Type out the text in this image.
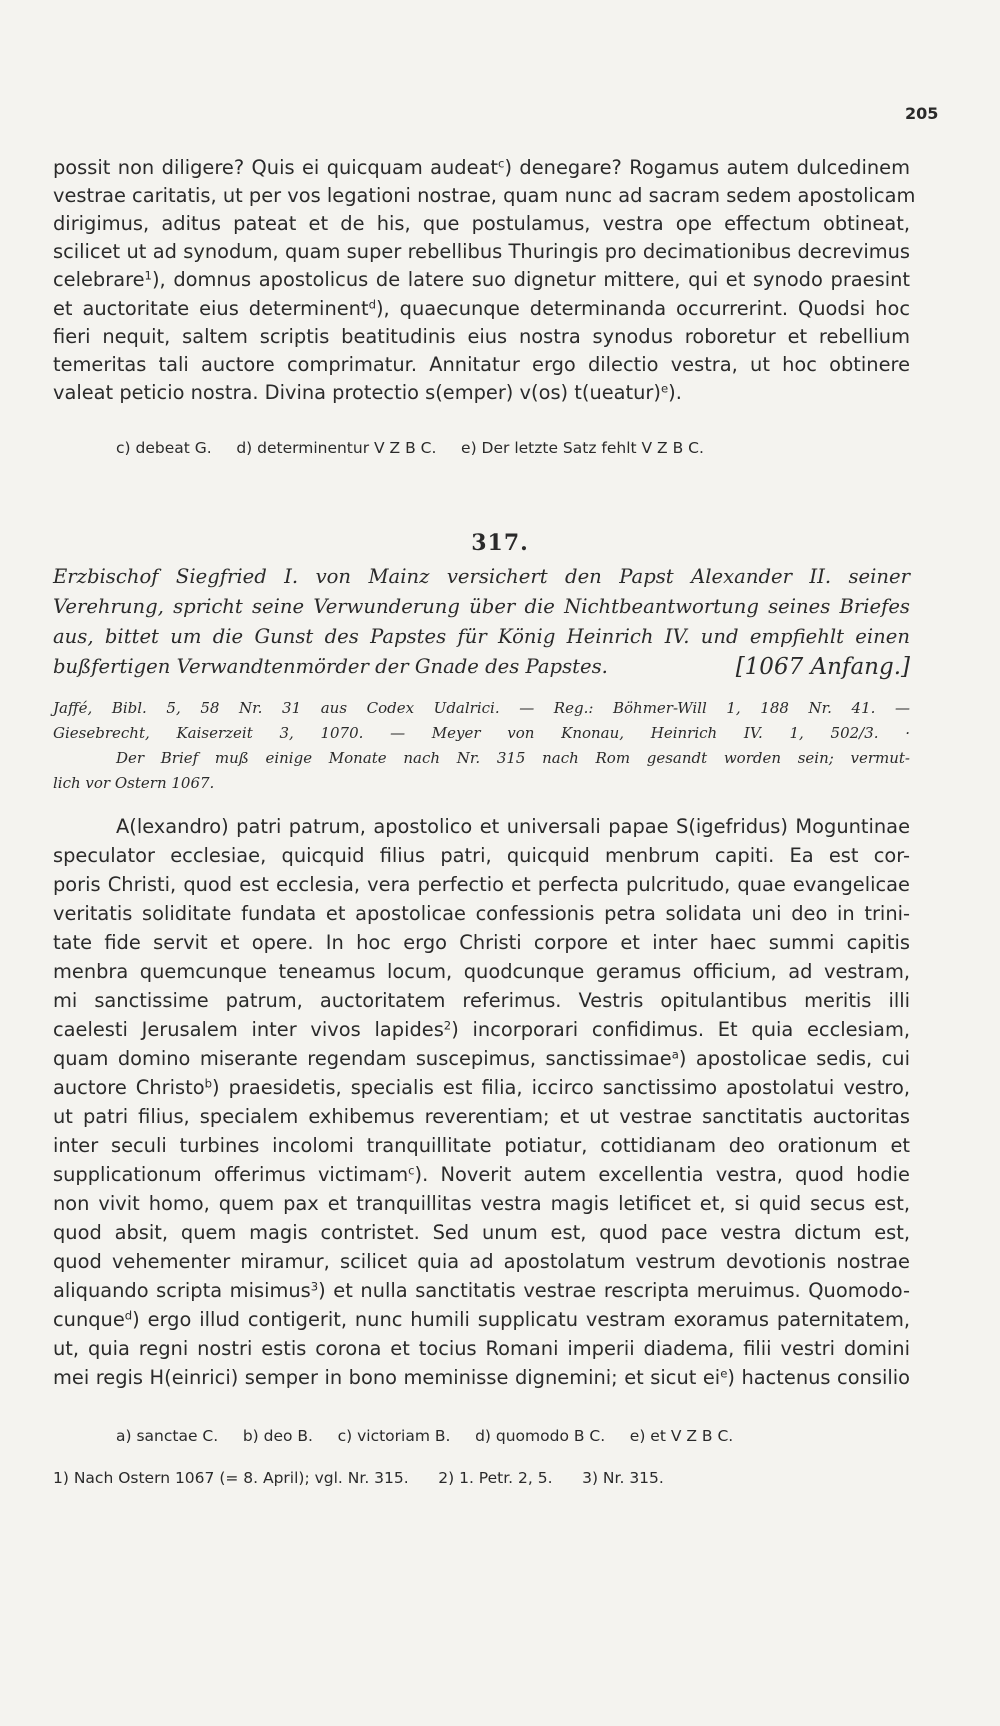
205
possit non diligere? Quis ei quicquam audeat$^c$) denegare? Rogamus autem dulcedinem
vestrae caritatis, ut per vos legationi nostrae, quam nunc ad sacram sedem apostolicam
dirigimus, aditus pateat et de his, que postulamus, vestra ope effectum obtineat,
scilicet ut ad synodum, quam super rebellibus Thuringis pro decimationibus decrevimus
celebrare$^1$), domnus apostolicus de latere suo dignetur mittere, qui et synodo praesint
et auctoritate eius determinent$^d$), quaecunque determinanda occurrerint. Quodsi hoc
fieri nequit, saltem scriptis beatitudinis eius nostra synodus roboretur et rebellium
temeritas tali auctore comprimatur. Annitatur ergo dilectio vestra, ut hoc obtinere
valeat peticio nostra. Divina protectio s(emper) v(os) t(ueatur)$^e$).
c) debeat G.     d) determinentur V Z B C.     e) Der letzte Satz fehlt V Z B C.
317.
Erzbischof Siegfried I. von Mainz versichert den Papst Alexander II. seiner
Verehrung, spricht seine Verwunderung über die Nichtbeantwortung seines Briefes
aus, bittet um die Gunst des Papstes für König Heinrich IV. und empfiehlt einen
bußfertigen Verwandtenmörder der Gnade des Papstes.	[1067 Anfang.]
Jaffé, Bibl. 5, 58 Nr. 31 aus Codex Udalrici. — Reg.: Böhmer-Will 1, 188 Nr. 41. —
Giesebrecht, Kaiserzeit 3, 1070. — Meyer von Knonau, Heinrich IV. 1, 502/3. ·
Der Brief muß einige Monate nach Nr. 315 nach Rom gesandt worden sein; vermut-
lich vor Ostern 1067.
A(lexandro) patri patrum, apostolico et universali papae S(igefridus) Moguntinae
speculator ecclesiae, quicquid filius patri, quicquid menbrum capiti. Ea est cor-
poris Christi, quod est ecclesia, vera perfectio et perfecta pulcritudo, quae evangelicae
veritatis soliditate fundata et apostolicae confessionis petra solidata uni deo in trini-
tate fide servit et opere. In hoc ergo Christi corpore et inter haec summi capitis
menbra quemcunque teneamus locum, quodcunque geramus officium, ad vestram,
mi sanctissime patrum, auctoritatem referimus. Vestris opitulantibus meritis illi
caelesti Jerusalem inter vivos lapides$^2$) incorporari confidimus. Et quia ecclesiam,
quam domino miserante regendam suscepimus, sanctissimae$^a$) apostolicae sedis, cui
auctore Christo$^b$) praesidetis, specialis est filia, iccirco sanctissimo apostolatui vestro,
ut patri filius, specialem exhibemus reverentiam; et ut vestrae sanctitatis auctoritas
inter seculi turbines incolomi tranquillitate potiatur, cottidianam deo orationum et
supplicationum offerimus victimam$^c$). Noverit autem excellentia vestra, quod hodie
non vivit homo, quem pax et tranquillitas vestra magis letificet et, si quid secus est,
quod absit, quem magis contristet. Sed unum est, quod pace vestra dictum est,
quod vehementer miramur, scilicet quia ad apostolatum vestrum devotionis nostrae
aliquando scripta misimus$^3$) et nulla sanctitatis vestrae rescripta meruimus. Quomodo-
cunque$^d$) ergo illud contigerit, nunc humili supplicatu vestram exoramus paternitatem,
ut, quia regni nostri estis corona et tocius Romani imperii diadema, filii vestri domini
mei regis H(einrici) semper in bono meminisse dignemini; et sicut $ei^e$) hactenus consilio
a) sanctae C.     b) deo B.     c) victoriam B.     d) quomodo B C.     e) et V Z B C.
1) Nach Ostern 1067 (= 8. April); vgl. Nr. 315.      2) 1. Petr. 2, 5.      3) Nr. 315.
